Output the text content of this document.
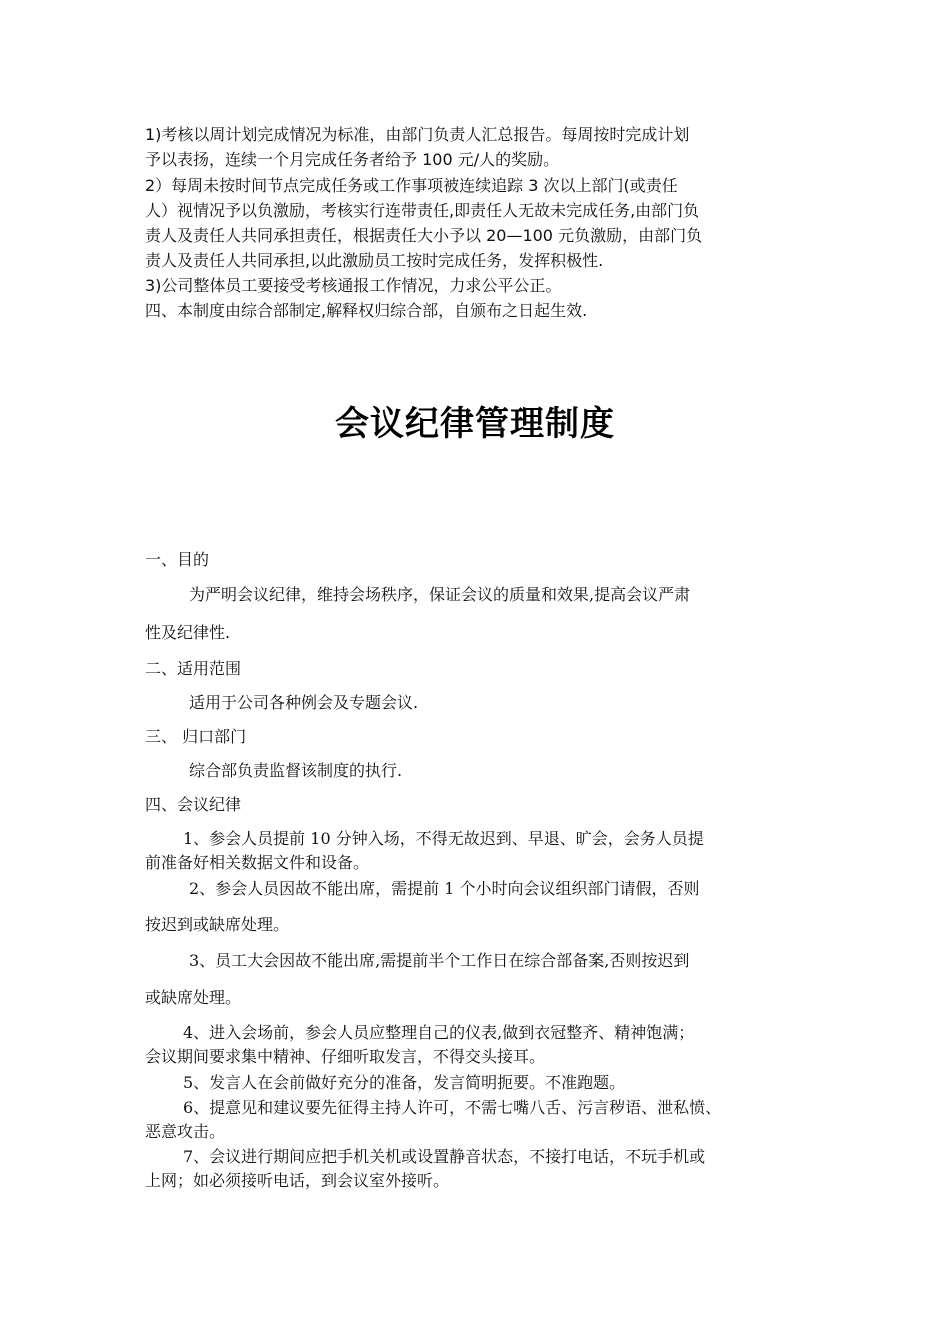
1)考核以周计划完成情况为标准，由部门负责人汇总报告。每周按时完成计划
予以表扬，连续一个月完成任务者给予 100 元/人的奖励。
2）每周未按时间节点完成任务或工作事项被连续追踪 3 次以上部门(或责任
人）视情况予以负激励，考核实行连带责任,即责任人无故未完成任务,由部门负
责人及责任人共同承担责任，根据责任大小予以 20—100 元负激励，由部门负
责人及责任人共同承担,以此激励员工按时完成任务，发挥积极性.
3)公司整体员工要接受考核通报工作情况，力求公平公正。
四、本制度由综合部制定,解释权归综合部，自颁布之日起生效.
会议纪律管理制度
一、目的
为严明会议纪律，维持会场秩序，保证会议的质量和效果,提高会议严肃
性及纪律性.
二、适用范围
适用于公司各种例会及专题会议.
三、 归口部门
综合部负责监督该制度的执行.
四、会议纪律
1、参会人员提前 10 分钟入场，不得无故迟到、早退、旷会，会务人员提
前准备好相关数据文件和设备。
2、参会人员因故不能出席，需提前 1 个小时向会议组织部门请假，否则
按迟到或缺席处理。
3、员工大会因故不能出席,需提前半个工作日在综合部备案,否则按迟到
或缺席处理。
4、进入会场前，参会人员应整理自己的仪表,做到衣冠整齐、精神饱满；
会议期间要求集中精神、仔细听取发言，不得交头接耳。
5、发言人在会前做好充分的准备，发言简明扼要。不准跑题。
6、提意见和建议要先征得主持人许可，不需七嘴八舌、污言秽语、泄私愤、
恶意攻击。
7、会议进行期间应把手机关机或设置静音状态，不接打电话，不玩手机或
上网；如必须接听电话，到会议室外接听。
